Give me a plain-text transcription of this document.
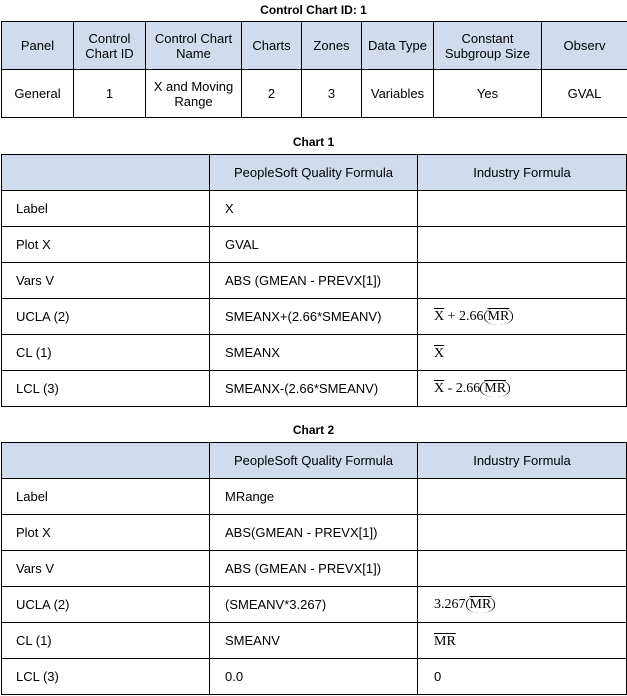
Control Chart ID: 1
Panel	Control Chart ID	Control Chart Name	Charts	Zones	Data Type	Constant Subgroup Size	Observ
General	1	X and Moving Range	2	3	Variables	Yes	GVAL
Chart 1
	PeopleSoft Quality Formula	Industry Formula
Label	X	
Plot X	GVAL	
Vars V	ABS (GMEAN - PREVX[1])	
UCLA (2)	SMEANX+(2.66*SMEANV)	$\overline{X} + 2.66$ $\overline{MR}$
CL (1)	SMEANX	$\overline{X}$
LCL (3)	SMEANX-(2.66*SMEANV)	$\overline{X} - 2.66$ $\overline{MR}$
Chart 2
	PeopleSoft Quality Formula	Industry Formula
Label	MRange	
Plot X	ABS(GMEAN - PREVX[1])	
Vars V	ABS (GMEAN - PREVX[1])	
UCLA (2)	(SMEANV*3.267)	3.267 $\overline{MR}$
CL (1)	SMEANV	$\overline{MR}$
LCL (3)	0.0	0
